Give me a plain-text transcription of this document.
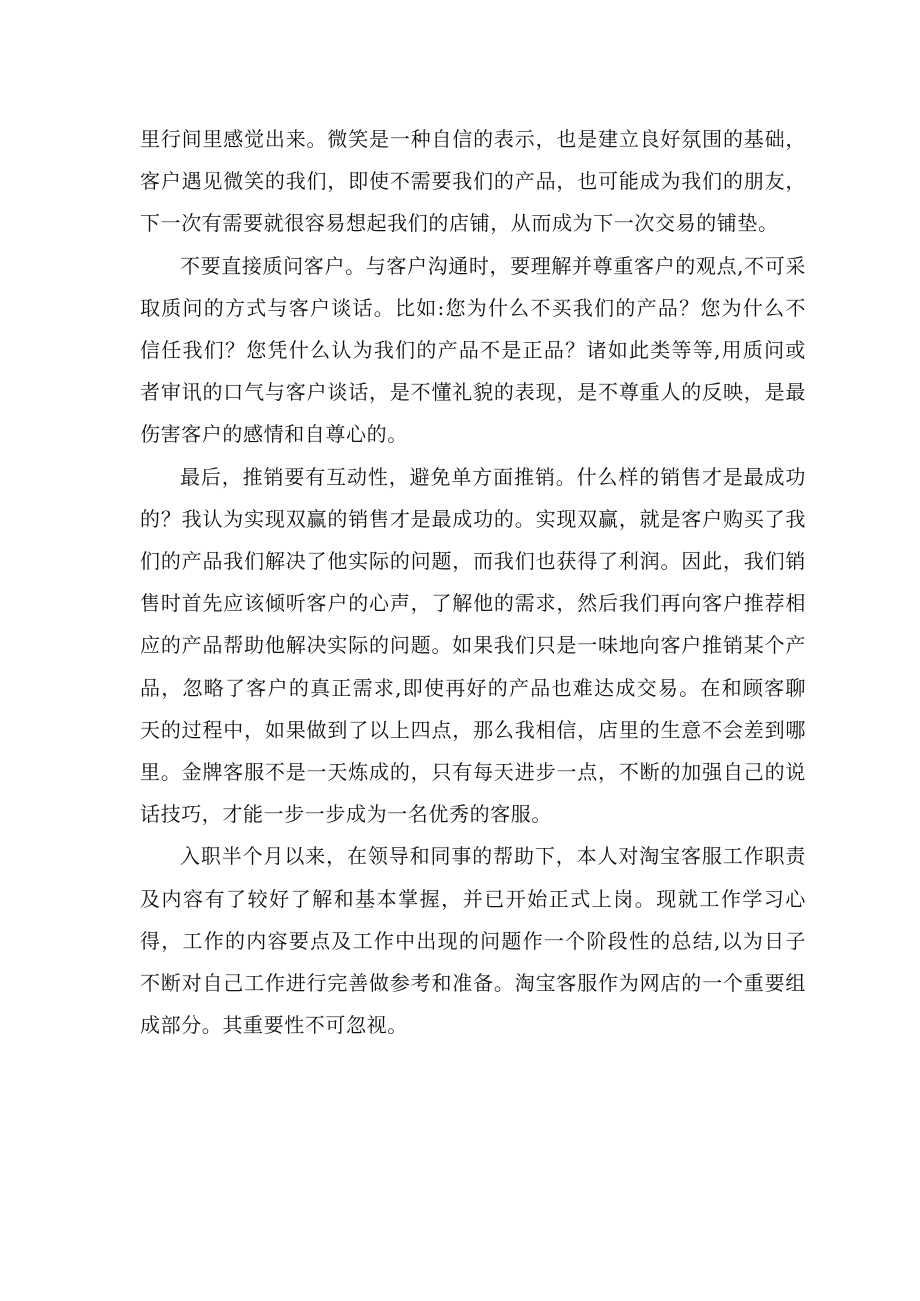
里行间里感觉出来。微笑是一种自信的表示，也是建立良好氛围的基础，客户遇见微笑的我们，即使不需要我们的产品，也可能成为我们的朋友，下一次有需要就很容易想起我们的店铺，从而成为下一次交易的铺垫。

不要直接质问客户。与客户沟通时，要理解并尊重客户的观点,不可采取质问的方式与客户谈话。比如:您为什么不买我们的产品？您为什么不信任我们？您凭什么认为我们的产品不是正品？诸如此类等等,用质问或者审讯的口气与客户谈话，是不懂礼貌的表现，是不尊重人的反映，是最伤害客户的感情和自尊心的。

最后，推销要有互动性，避免单方面推销。什么样的销售才是最成功的？我认为实现双赢的销售才是最成功的。实现双赢，就是客户购买了我们的产品我们解决了他实际的问题，而我们也获得了利润。因此，我们销售时首先应该倾听客户的心声，了解他的需求，然后我们再向客户推荐相应的产品帮助他解决实际的问题。如果我们只是一味地向客户推销某个产品，忽略了客户的真正需求,即使再好的产品也难达成交易。在和顾客聊天的过程中，如果做到了以上四点，那么我相信，店里的生意不会差到哪里。金牌客服不是一天炼成的，只有每天进步一点，不断的加强自己的说话技巧，才能一步一步成为一名优秀的客服。

入职半个月以来，在领导和同事的帮助下，本人对淘宝客服工作职责及内容有了较好了解和基本掌握，并已开始正式上岗。现就工作学习心得，工作的内容要点及工作中出现的问题作一个阶段性的总结,以为日子不断对自己工作进行完善做参考和准备。淘宝客服作为网店的一个重要组成部分。其重要性不可忽视。
